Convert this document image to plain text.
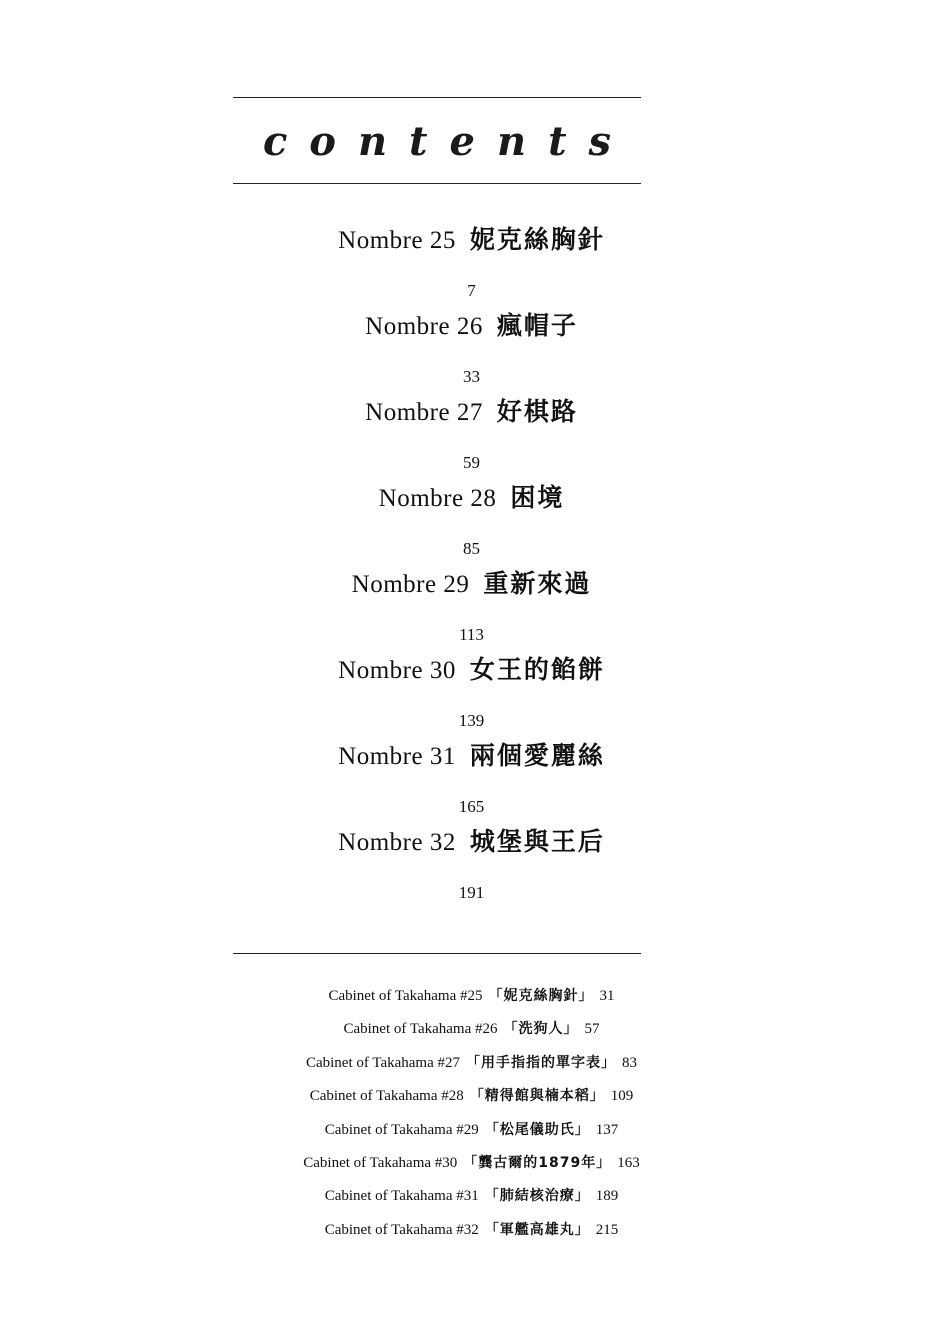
contents
Nombre 25 妮克絲胸針
7
Nombre 26 瘋帽子
33
Nombre 27 好棋路
59
Nombre 28 困境
85
Nombre 29 重新來過
113
Nombre 30 女王的餡餅
139
Nombre 31 兩個愛麗絲
165
Nombre 32 城堡與王后
191
Cabinet of Takahama #25 「妮克絲胸針」 31
Cabinet of Takahama #26 「洗狗人」 57
Cabinet of Takahama #27 「用手指指的單字表」 83
Cabinet of Takahama #28 「精得館與楠本稻」 109
Cabinet of Takahama #29 「松尾儀助氏」 137
Cabinet of Takahama #30 「龔古爾的1879年」 163
Cabinet of Takahama #31 「肺結核治療」 189
Cabinet of Takahama #32 「軍艦高雄丸」 215
